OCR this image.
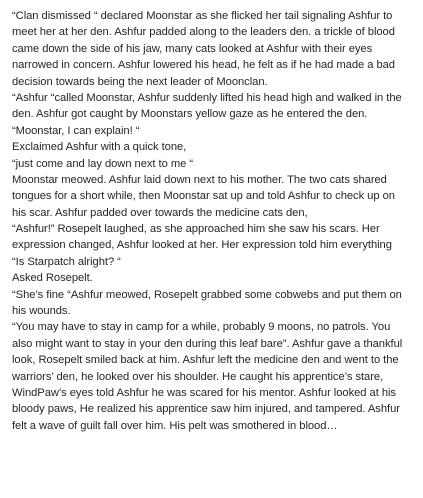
“Clan dismissed “ declared Moonstar as she flicked her tail signaling Ashfur to
meet her at her den. Ashfur padded along to the leaders den. a trickle of blood
came down the side of his jaw, many cats looked at Ashfur with their eyes
narrowed in concern. Ashfur lowered his head, he felt as if he had made a bad
decision towards being the next leader of Moonclan.
“Ashfur “called Moonstar, Ashfur suddenly lifted his head high and walked in the
den. Ashfur got caught by Moonstars yellow gaze as he entered the den.
“Moonstar, I can explain! “
Exclaimed Ashfur with a quick tone,
“just come and lay down next to me “
Moonstar meowed. Ashfur laid down next to his mother. The two cats shared
tongues for a short while, then Moonstar sat up and told Ashfur to check up on
his scar. Ashfur padded over towards the medicine cats den,
“Ashfur!” Rosepelt laughed, as she approached him she saw his scars. Her
expression changed, Ashfur looked at her. Her expression told him everything
“Is Starpatch alright? “
Asked Rosepelt.
“She’s fine “Ashfur meowed, Rosepelt grabbed some cobwebs and put them on
his wounds.
“You may have to stay in camp for a while, probably 9 moons, no patrols. You
also might want to stay in your den during this leaf bare”. Ashfur gave a thankful
look, Rosepelt smiled back at him. Ashfur left the medicine den and went to the
warriors’ den, he looked over his shoulder. He caught his apprentice’s stare,
WindPaw’s eyes told Ashfur he was scared for his mentor. Ashfur looked at his
bloody paws, He realized his apprentice saw him injured, and tampered. Ashfur
felt a wave of guilt fall over him. His pelt was smothered in blood…
